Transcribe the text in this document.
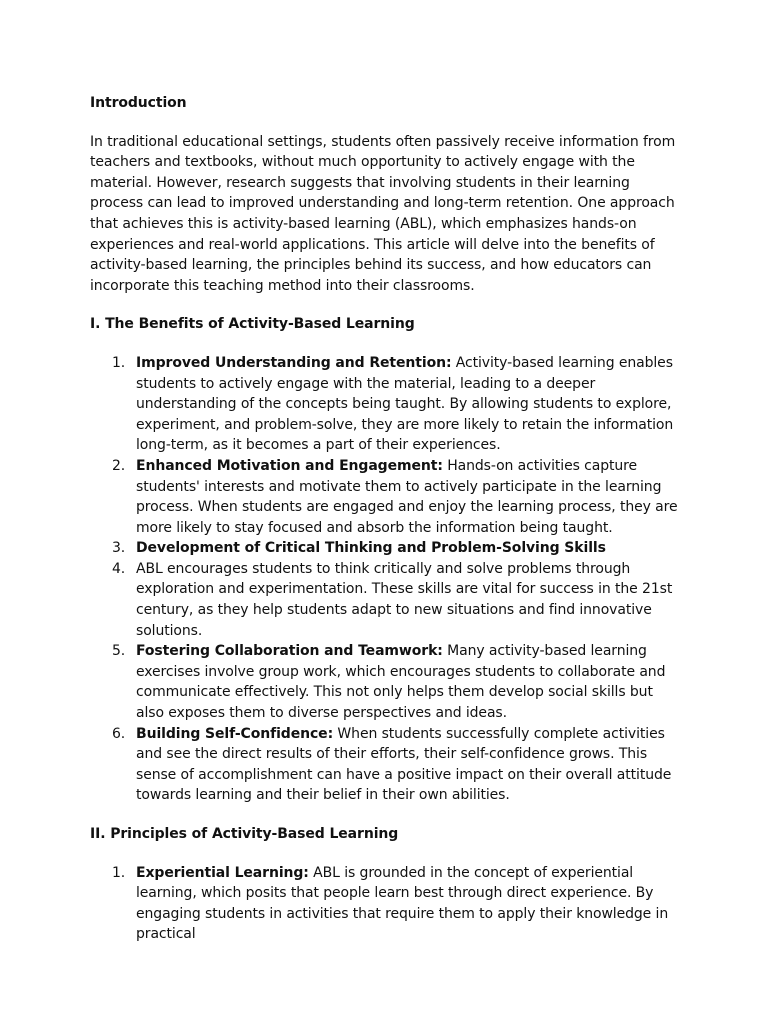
Introduction

In traditional educational settings, students often passively receive information from teachers and textbooks, without much opportunity to actively engage with the material. However, research suggests that involving students in their learning process can lead to improved understanding and long-term retention. One approach that achieves this is activity-based learning (ABL), which emphasizes hands-on experiences and real-world applications. This article will delve into the benefits of activity-based learning, the principles behind its success, and how educators can incorporate this teaching method into their classrooms.

I. The Benefits of Activity-Based Learning

1. Improved Understanding and Retention: Activity-based learning enables students to actively engage with the material, leading to a deeper understanding of the concepts being taught. By allowing students to explore, experiment, and problem-solve, they are more likely to retain the information long-term, as it becomes a part of their experiences.
2. Enhanced Motivation and Engagement: Hands-on activities capture students' interests and motivate them to actively participate in the learning process. When students are engaged and enjoy the learning process, they are more likely to stay focused and absorb the information being taught.
3. Development of Critical Thinking and Problem-Solving Skills
4. ABL encourages students to think critically and solve problems through exploration and experimentation. These skills are vital for success in the 21st century, as they help students adapt to new situations and find innovative solutions.
5. Fostering Collaboration and Teamwork: Many activity-based learning exercises involve group work, which encourages students to collaborate and communicate effectively. This not only helps them develop social skills but also exposes them to diverse perspectives and ideas.
6. Building Self-Confidence: When students successfully complete activities and see the direct results of their efforts, their self-confidence grows. This sense of accomplishment can have a positive impact on their overall attitude towards learning and their belief in their own abilities.

II. Principles of Activity-Based Learning

1. Experiential Learning: ABL is grounded in the concept of experiential learning, which posits that people learn best through direct experience. By engaging students in activities that require them to apply their knowledge in practical
